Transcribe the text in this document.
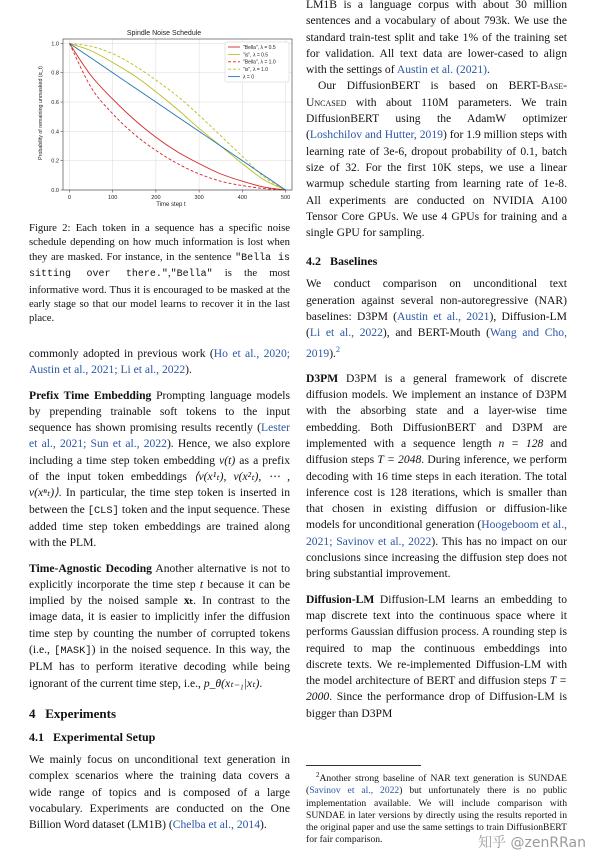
0	100	200	300	400	500
0.0
0.2
0.4
0.6
0.8
1.0
Spindle Noise Schedule
Time step t
Probability of remaining unmasked (α_t)
"Bella", λ = 0.5
"is", λ = 0.5
"Bella", λ = 1.0
"is", λ = 1.0
λ = 0

Figure 2: Each token in a sequence has a specific noise schedule depending on how much information is lost when they are masked. For instance, in the sentence "Bella is sitting over there.","Bella" is the most informative word. Thus it is encouraged to be masked at the early stage so that our model learns to recover it in the last place.

commonly adopted in previous work (Ho et al., 2020; Austin et al., 2021; Li et al., 2022).

Prefix Time Embedding Prompting language models by prepending trainable soft tokens to the input sequence has shown promising results recently (Lester et al., 2021; Sun et al., 2022). Hence, we also explore including a time step token embedding v(t) as a prefix of the input token embeddings ⟨v(x¹ₜ), v(x²ₜ), ⋯ , v(xⁿₜ)⟩. In particular, the time step token is inserted in between the [CLS] token and the input sequence. These added time step token embeddings are trained along with the PLM.

Time-Agnostic Decoding Another alternative is not to explicitly incorporate the time step t because it can be implied by the noised sample xₜ. In contrast to the image data, it is easier to implicitly infer the diffusion time step by counting the number of corrupted tokens (i.e., [MASK]) in the noised sequence. In this way, the PLM has to perform iterative decoding while being ignorant of the current time step, i.e., p_θ(xₜ₋₁|xₜ).

4 Experiments
4.1 Experimental Setup

We mainly focus on unconditional text generation in complex scenarios where the training data covers a wide range of topics and is composed of a large vocabulary. Experiments are conducted on the One Billion Word dataset (LM1B) (Chelba et al., 2014).

LM1B is a language corpus with about 30 million sentences and a vocabulary of about 793k. We use the standard train-test split and take 1% of the training set for validation. All text data are lower-cased to align with the settings of Austin et al. (2021).

Our DiffusionBERT is based on BERT-Base-Uncased with about 110M parameters. We train DiffusionBERT using the AdamW optimizer (Loshchilov and Hutter, 2019) for 1.9 million steps with learning rate of 3e-6, dropout probability of 0.1, batch size of 32. For the first 10K steps, we use a linear warmup schedule starting from learning rate of 1e-8. All experiments are conducted on NVIDIA A100 Tensor Core GPUs. We use 4 GPUs for training and a single GPU for sampling.

4.2 Baselines

We conduct comparison on unconditional text generation against several non-autoregressive (NAR) baselines: D3PM (Austin et al., 2021), Diffusion-LM (Li et al., 2022), and BERT-Mouth (Wang and Cho, 2019).$^2$

D3PM D3PM is a general framework of discrete diffusion models. We implement an instance of D3PM with the absorbing state and a layer-wise time embedding. Both DiffusionBERT and D3PM are implemented with a sequence length n = 128 and diffusion steps T = 2048. During inference, we perform decoding with 16 time steps in each iteration. The total inference cost is 128 iterations, which is smaller than that chosen in existing diffusion or diffusion-like models for unconditional generation (Hoogeboom et al., 2021; Savinov et al., 2022). This has no impact on our conclusions since increasing the diffusion step does not bring substantial improvement.

Diffusion-LM Diffusion-LM learns an embedding to map discrete text into the continuous space where it performs Gaussian diffusion process. A rounding step is required to map the continuous embeddings into discrete texts. We re-implemented Diffusion-LM with the model architecture of BERT and diffusion steps T = 2000. Since the performance drop of Diffusion-LM is bigger than D3PM

$^2$Another strong baseline of NAR text generation is SUNDAE (Savinov et al., 2022) but unfortunately there is no public implementation available. We will include comparison with SUNDAE in later versions by directly using the results reported in the original paper and use the same settings to train DiffusionBERT for fair comparison.	知乎 @zenRRan
